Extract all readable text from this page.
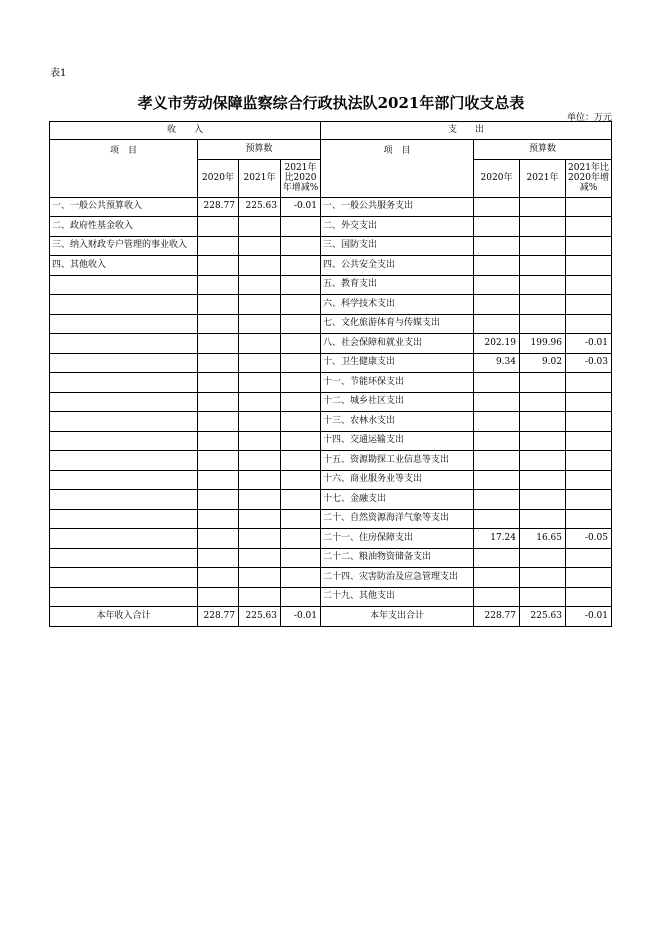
表1
孝义市劳动保障监察综合行政执法队2021年部门收支总表
单位：万元
收　　入				支　　出			
项　目	预算数			项　目	预算数		
	2020年	2021年	2021年比2020年增减%		2020年	2021年	2021年比2020年增减%
一、一般公共预算收入	228.77	225.63	-0.01	一、一般公共服务支出			
二、政府性基金收入				二、外交支出			
三、纳入财政专户管理的事业收入				三、国防支出			
四、其他收入				四、公共安全支出			
				五、教育支出			
				六、科学技术支出			
				七、文化旅游体育与传媒支出			
				八、社会保障和就业支出	202.19	199.96	-0.01
				十、卫生健康支出	9.34	9.02	-0.03
				十一、节能环保支出			
				十二、城乡社区支出			
				十三、农林水支出			
				十四、交通运输支出			
				十五、资源勘探工业信息等支出			
				十六、商业服务业等支出			
				十七、金融支出			
				二十、自然资源海洋气象等支出			
				二十一、住房保障支出	17.24	16.65	-0.05
				二十二、粮油物资储备支出			
				二十四、灾害防治及应急管理支出			
				二十九、其他支出			
本年收入合计	228.77	225.63	-0.01	本年支出合计	228.77	225.63	-0.01
